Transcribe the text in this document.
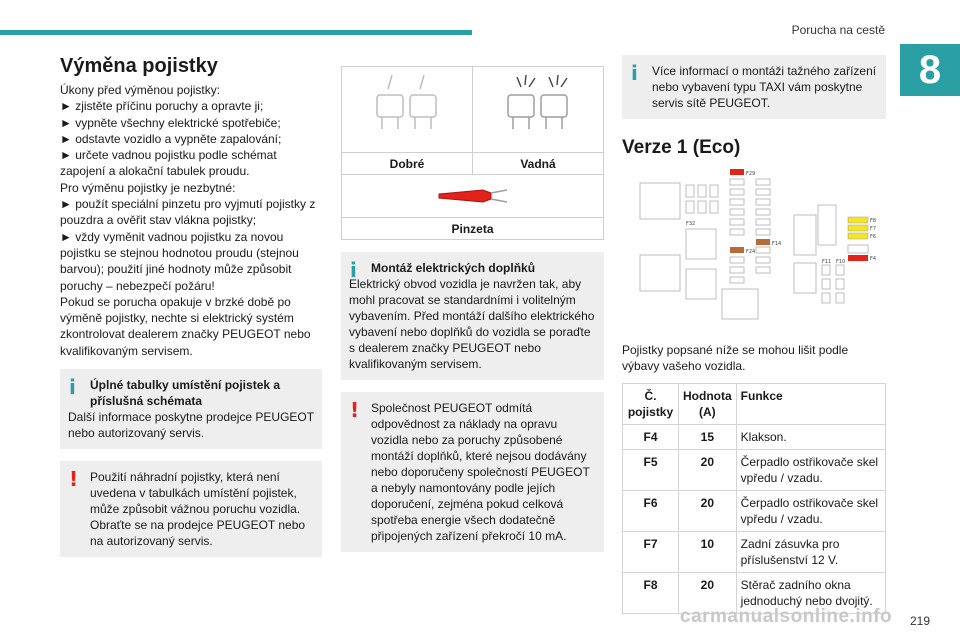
Porucha na cestě
8
Výměna pojistky

Úkony před výměnou pojistky:

► zjistěte příčinu poruchy a opravte ji;

► vypněte všechny elektrické spotřebiče;

► odstavte vozidlo a vypněte zapalování;

► určete vadnou pojistku podle schémat zapojení a alokační tabulek proudu.

Pro výměnu pojistky je nezbytné:

► použít speciální pinzetu pro vyjmutí pojistky z pouzdra a ověřit stav vlákna pojistky;

► vždy vyměnit vadnou pojistku za novou pojistku se stejnou hodnotou proudu (stejnou barvou); použití jiné hodnoty může způsobit poruchy – nebezpečí požáru!

Pokud se porucha opakuje v brzké době po výměně pojistky, nechte si elektrický systém zkontrolovat dealerem značky PEUGEOT nebo kvalifikovaným servisem.

i	Úplné tabulky umístění pojistek a příslušná schémata
Další informace poskytne prodejce PEUGEOT nebo autorizovaný servis.
! Použití náhradní pojistky, která není uvedena v tabulkách umístění pojistek, může způsobit vážnou poruchu vozidla. Obraťte se na prodejce PEUGEOT nebo na autorizovaný servis.
Dobré	Vadná
Pinzeta
i	Montáž elektrických doplňků
Elektrický obvod vozidla je navržen tak, aby mohl pracovat se standardními i volitelným vybavením. Před montáží dalšího elektrického vybavení nebo doplňků do vozidla se poraďte s dealerem značky PEUGEOT nebo kvalifikovaným servisem.
! Společnost PEUGEOT odmítá odpovědnost za náklady na opravu vozidla nebo za poruchy způsobené montáží doplňků, které nejsou dodávány nebo doporučeny společností PEUGEOT a nebyly namontovány podle jejích doporučení, zejména pokud celková spotřeba energie všech dodatečně připojených zařízení překročí 10 mA.
i	Více informací o montáži tažného zařízení nebo vybavení typu TAXI vám poskytne servis sítě PEUGEOT.
Verze 1 (Eco)
F29
F32
F24
F14
F8
F7
F6
F4
F11 F10
Pojistky popsané níže se mohou lišit podle výbavy vašeho vozidla.
Č. pojistky	Hodnota (A)	Funkce
F4	15	Klakson.
F5	20	Čerpadlo ostřikovače skel vpředu / vzadu.
F6	20	Čerpadlo ostřikovače skel vpředu / vzadu.
F7	10	Zadní zásuvka pro příslušenství 12 V.
F8	20	Stěrač zadního okna jednoduchý nebo dvojitý.
carmanualsonline.info 219
